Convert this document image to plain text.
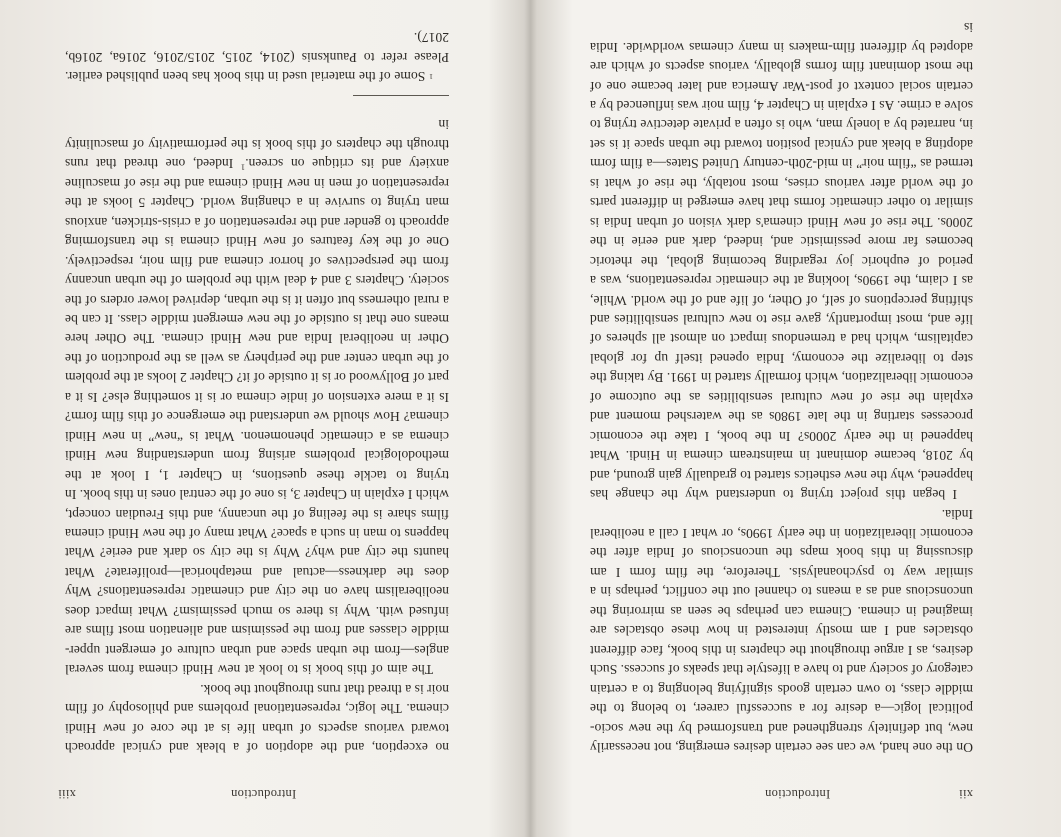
xii
Introduction

On the one hand, we can see certain desires emerging, not necessarily new, but definitely strengthened and transformed by the new socio-political logic—a desire for a successful career, to belong to the middle class, to own certain goods signifying belonging to a certain category of society and to have a lifestyle that speaks of success. Such desires, as I argue throughout the chapters in this book, face different obstacles and I am mostly interested in how these obstacles are imagined in cinema. Cinema can perhaps be seen as mirroring the unconscious and as a means to channel out the conflict, perhaps in a similar way to psychoanalysis. Therefore, the film form I am discussing in this book maps the unconscious of India after the economic liberalization in the early 1990s, or what I call a neoliberal India.

I began this project trying to understand why the change has happened, why the new esthetics started to gradually gain ground, and by 2018, became dominant in mainstream cinema in Hindi. What happened in the early 2000s? In the book, I take the economic processes starting in the late 1980s as the watershed moment and explain the rise of new cultural sensibilities as the outcome of economic liberalization, which formally started in 1991. By taking the step to liberalize the economy, India opened itself up for global capitalism, which had a tremendous impact on almost all spheres of life and, most importantly, gave rise to new cultural sensibilities and shifting perceptions of self, of Other, of life and of the world. While, as I claim, the 1990s, looking at the cinematic representations, was a period of euphoric joy regarding becoming global, the rhetoric becomes far more pessimistic and, indeed, dark and eerie in the 2000s. The rise of new Hindi cinema's dark vision of urban India is similar to other cinematic forms that have emerged in different parts of the world after various crises, most notably, the rise of what is termed as “film noir” in mid-20th-century United States—a film form adopting a bleak and cynical position toward the urban space it is set in, narrated by a lonely man, who is often a private detective trying to solve a crime. As I explain in Chapter 4, film noir was influenced by a certain social context of post-War America and later became one of the most dominant film forms globally, various aspects of which are adopted by different film-makers in many cinemas worldwide. India is

Introduction
xiii

no exception, and the adoption of a bleak and cynical approach toward various aspects of urban life is at the core of new Hindi cinema. The logic, representational problems and philosophy of film noir is a thread that runs throughout the book.

The aim of this book is to look at new Hindi cinema from several angles—from the urban space and urban culture of emergent upper-middle classes and from the pessimism and alienation most films are infused with. Why is there so much pessimism? What impact does neoliberalism have on the city and cinematic representations? Why does the darkness—actual and metaphorical—proliferate? What haunts the city and why? Why is the city so dark and eerie? What happens to man in such a space? What many of the new Hindi cinema films share is the feeling of the uncanny, and this Freudian concept, which I explain in Chapter 3, is one of the central ones in this book. In trying to tackle these questions, in Chapter 1, I look at the methodological problems arising from understanding new Hindi cinema as a cinematic phenomenon. What is “new” in new Hindi cinema? How should we understand the emergence of this film form? Is it a mere extension of indie cinema or is it something else? Is it a part of Bollywood or is it outside of it? Chapter 2 looks at the problem of the urban center and the periphery as well as the production of the Other in neoliberal India and new Hindi cinema. The Other here means one that is outside of the new emergent middle class. It can be a rural otherness but often it is the urban, deprived lower orders of the society. Chapters 3 and 4 deal with the problem of the urban uncanny from the perspectives of horror cinema and film noir, respectively. One of the key features of new Hindi cinema is the transforming approach to gender and the representation of a crisis-stricken, anxious man trying to survive in a changing world. Chapter 5 looks at the representation of men in new Hindi cinema and the rise of masculine anxiety and its critique on screen.$^1$ Indeed, one thread that runs through the chapters of this book is the performativity of masculinity in

$^1$Some of the material used in this book has been published earlier. Please refer to Paunksnis (2014, 2015, 2015/2016, 2016a, 2016b, 2017).
